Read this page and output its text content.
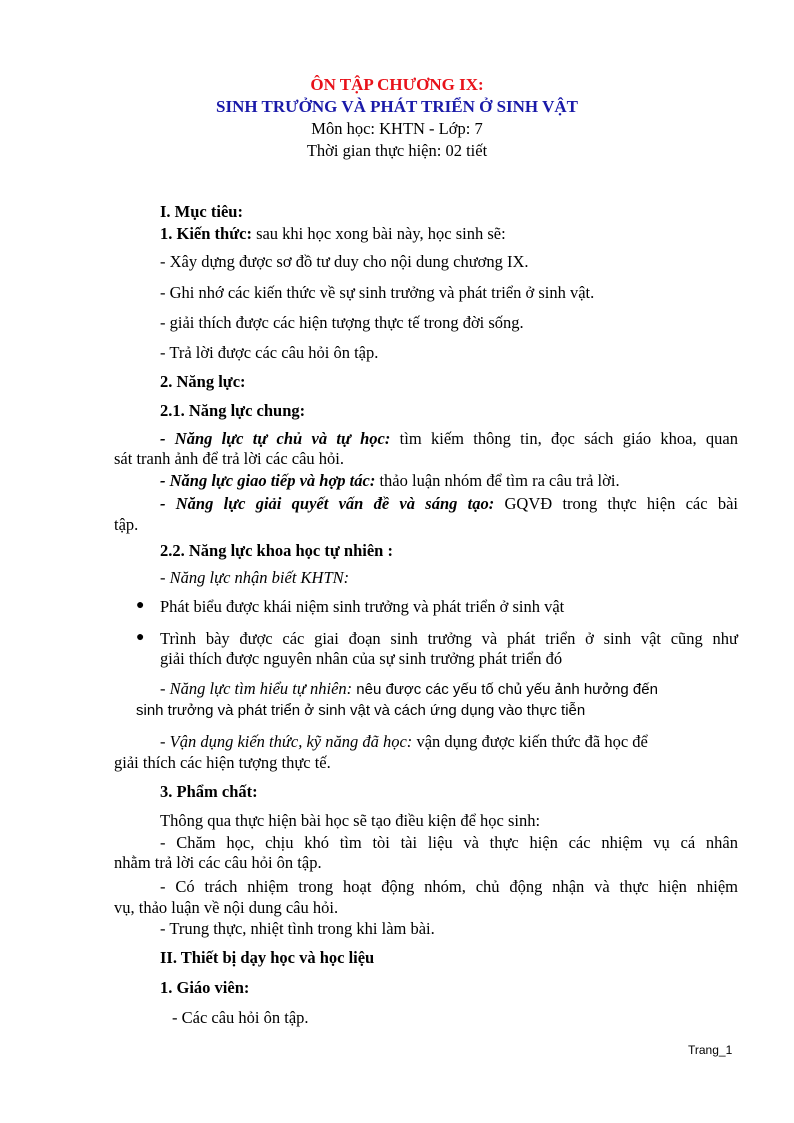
ÔN TẬP CHƯƠNG IX:
SINH TRƯỞNG VÀ PHÁT TRIỂN Ở SINH VẬT
Môn học: KHTN - Lớp: 7
Thời gian thực hiện: 02 tiết
I. Mục tiêu:
1. Kiến thức: sau khi học xong bài này, học sinh sẽ:
- Xây dựng được sơ đồ tư duy cho nội dung chương IX.
- Ghi nhớ các kiến thức về sự sinh trưởng và phát triển ở sinh vật.
- giải thích được các hiện tượng thực tế trong đời sống.
- Trả lời được các câu hỏi ôn tập.
2. Năng lực:
2.1. Năng lực chung:
- Năng lực tự chủ và tự học: tìm kiếm thông tin, đọc sách giáo khoa, quan
sát tranh ảnh để trả lời các câu hỏi.
- Năng lực giao tiếp và hợp tác: thảo luận nhóm để tìm ra câu trả lời.
- Năng lực giải quyết vấn đề và sáng tạo: GQVĐ trong thực hiện các bài
tập.
2.2. Năng lực khoa học tự nhiên :
- Năng lực nhận biết KHTN:
● Phát biểu được khái niệm sinh trưởng và phát triển ở sinh vật
● Trình bày được các giai đoạn sinh trưởng và phát triển ở sinh vật cũng như
giải thích được nguyên nhân của sự sinh trưởng phát triển đó
- Năng lực tìm hiểu tự nhiên: nêu được các yếu tố chủ yếu ảnh hưởng đến
sinh trưởng và phát triển ở sinh vật và cách ứng dụng vào thực tiễn
- Vận dụng kiến thức, kỹ năng đã học: vận dụng được kiến thức đã học để
giải thích các hiện tượng thực tế.
3. Phẩm chất:
Thông qua thực hiện bài học sẽ tạo điều kiện để học sinh:
- Chăm học, chịu khó tìm tòi tài liệu và thực hiện các nhiệm vụ cá nhân
nhằm trả lời các câu hỏi ôn tập.
- Có trách nhiệm trong hoạt động nhóm, chủ động nhận và thực hiện nhiệm
vụ, thảo luận về nội dung câu hỏi.
- Trung thực, nhiệt tình trong khi làm bài.
II. Thiết bị dạy học và học liệu
1. Giáo viên:
- Các câu hỏi ôn tập.
Trang_1
